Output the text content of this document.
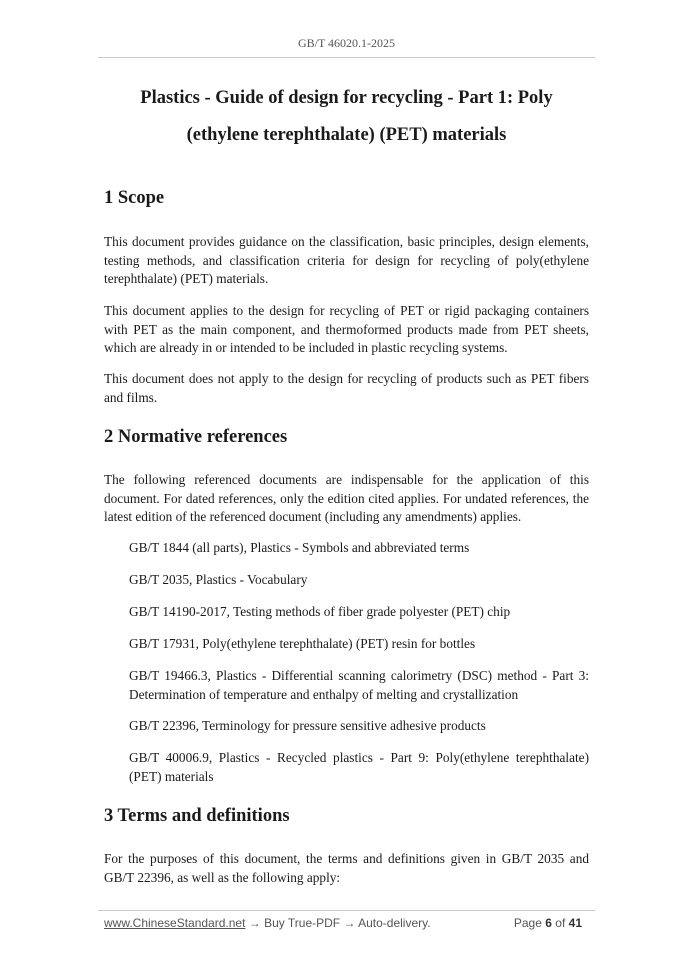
GB/T 46020.1-2025
Plastics - Guide of design for recycling - Part 1: Poly
(ethylene terephthalate) (PET) materials
1 Scope
This document provides guidance on the classification, basic principles, design elements, testing methods, and classification criteria for design for recycling of poly(ethylene terephthalate) (PET) materials.
This document applies to the design for recycling of PET or rigid packaging containers with PET as the main component, and thermoformed products made from PET sheets, which are already in or intended to be included in plastic recycling systems.
This document does not apply to the design for recycling of products such as PET fibers and films.
2 Normative references
The following referenced documents are indispensable for the application of this document. For dated references, only the edition cited applies. For undated references, the latest edition of the referenced document (including any amendments) applies.
GB/T 1844 (all parts), Plastics - Symbols and abbreviated terms
GB/T 2035, Plastics - Vocabulary
GB/T 14190-2017, Testing methods of fiber grade polyester (PET) chip
GB/T 17931, Poly(ethylene terephthalate) (PET) resin for bottles
GB/T 19466.3, Plastics - Differential scanning calorimetry (DSC) method - Part 3: Determination of temperature and enthalpy of melting and crystallization
GB/T 22396, Terminology for pressure sensitive adhesive products
GB/T 40006.9, Plastics - Recycled plastics - Part 9: Poly(ethylene terephthalate) (PET) materials
3 Terms and definitions
For the purposes of this document, the terms and definitions given in GB/T 2035 and GB/T 22396, as well as the following apply:
www.ChineseStandard.net → Buy True-PDF → Auto-delivery.	Page 6 of 41
